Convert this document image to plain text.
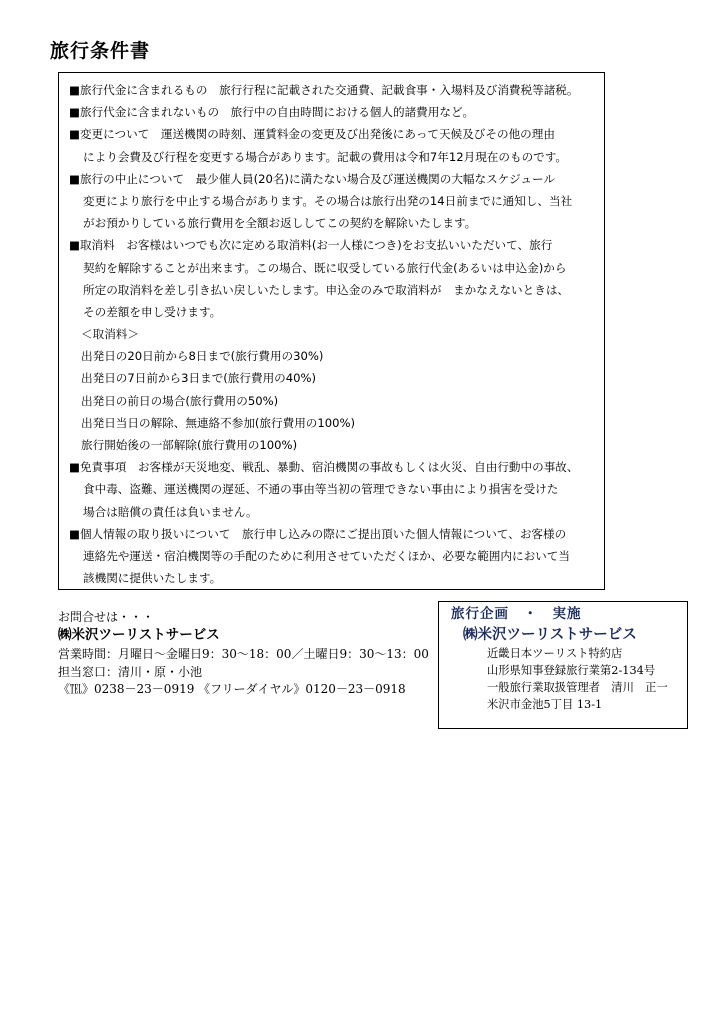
旅行条件書
■旅行代金に含まれるもの　旅行行程に記載された交通費、記載食事・入場料及び消費税等諸税。
■旅行代金に含まれないもの　旅行中の自由時間における個人的諸費用など。
■変更について　運送機関の時刻、運賃料金の変更及び出発後にあって天候及びその他の理由
により会費及び行程を変更する場合があります。記載の費用は令和7年12月現在のものです。
■旅行の中止について　最少催人員(20名)に満たない場合及び運送機関の大幅なスケジュール
変更により旅行を中止する場合があります。その場合は旅行出発の14日前までに通知し、当社
がお預かりしている旅行費用を全額お返ししてこの契約を解除いたします。
■取消料　お客様はいつでも次に定める取消料(お一人様につき)をお支払いいただいて、旅行
契約を解除することが出来ます。この場合、既に収受している旅行代金(あるいは申込金)から
所定の取消料を差し引き払い戻しいたします。申込金のみで取消料が　まかなえないときは、
その差額を申し受けます。
＜取消料＞
出発日の20日前から8日まで(旅行費用の30%)
出発日の7日前から3日まで(旅行費用の40%)
出発日の前日の場合(旅行費用の50%)
出発日当日の解除、無連絡不参加(旅行費用の100%)
旅行開始後の一部解除(旅行費用の100%)
■免責事項　お客様が天災地変、戦乱、暴動、宿泊機関の事故もしくは火災、自由行動中の事故、
食中毒、盗難、運送機関の遅延、不通の事由等当初の管理できない事由により損害を受けた
場合は賠償の責任は負いません。
■個人情報の取り扱いについて　旅行申し込みの際にご提出頂いた個人情報について、お客様の
連絡先や運送・宿泊機関等の手配のために利用させていただくほか、必要な範囲内において当
該機関に提供いたします。
お問合せは・・・
㈱米沢ツーリストサービス
営業時間：月曜日～金曜日9：30～18：00／土曜日9：30～13：00
担当窓口：清川・原・小池
《℡》0238－23－0919 《フリーダイヤル》0120－23－0918
旅行企画　・　実施
㈱米沢ツーリストサービス
近畿日本ツーリスト特約店
山形県知事登録旅行業第2-134号
一般旅行業取扱管理者　清川　正一
米沢市金池5丁目 13-1
